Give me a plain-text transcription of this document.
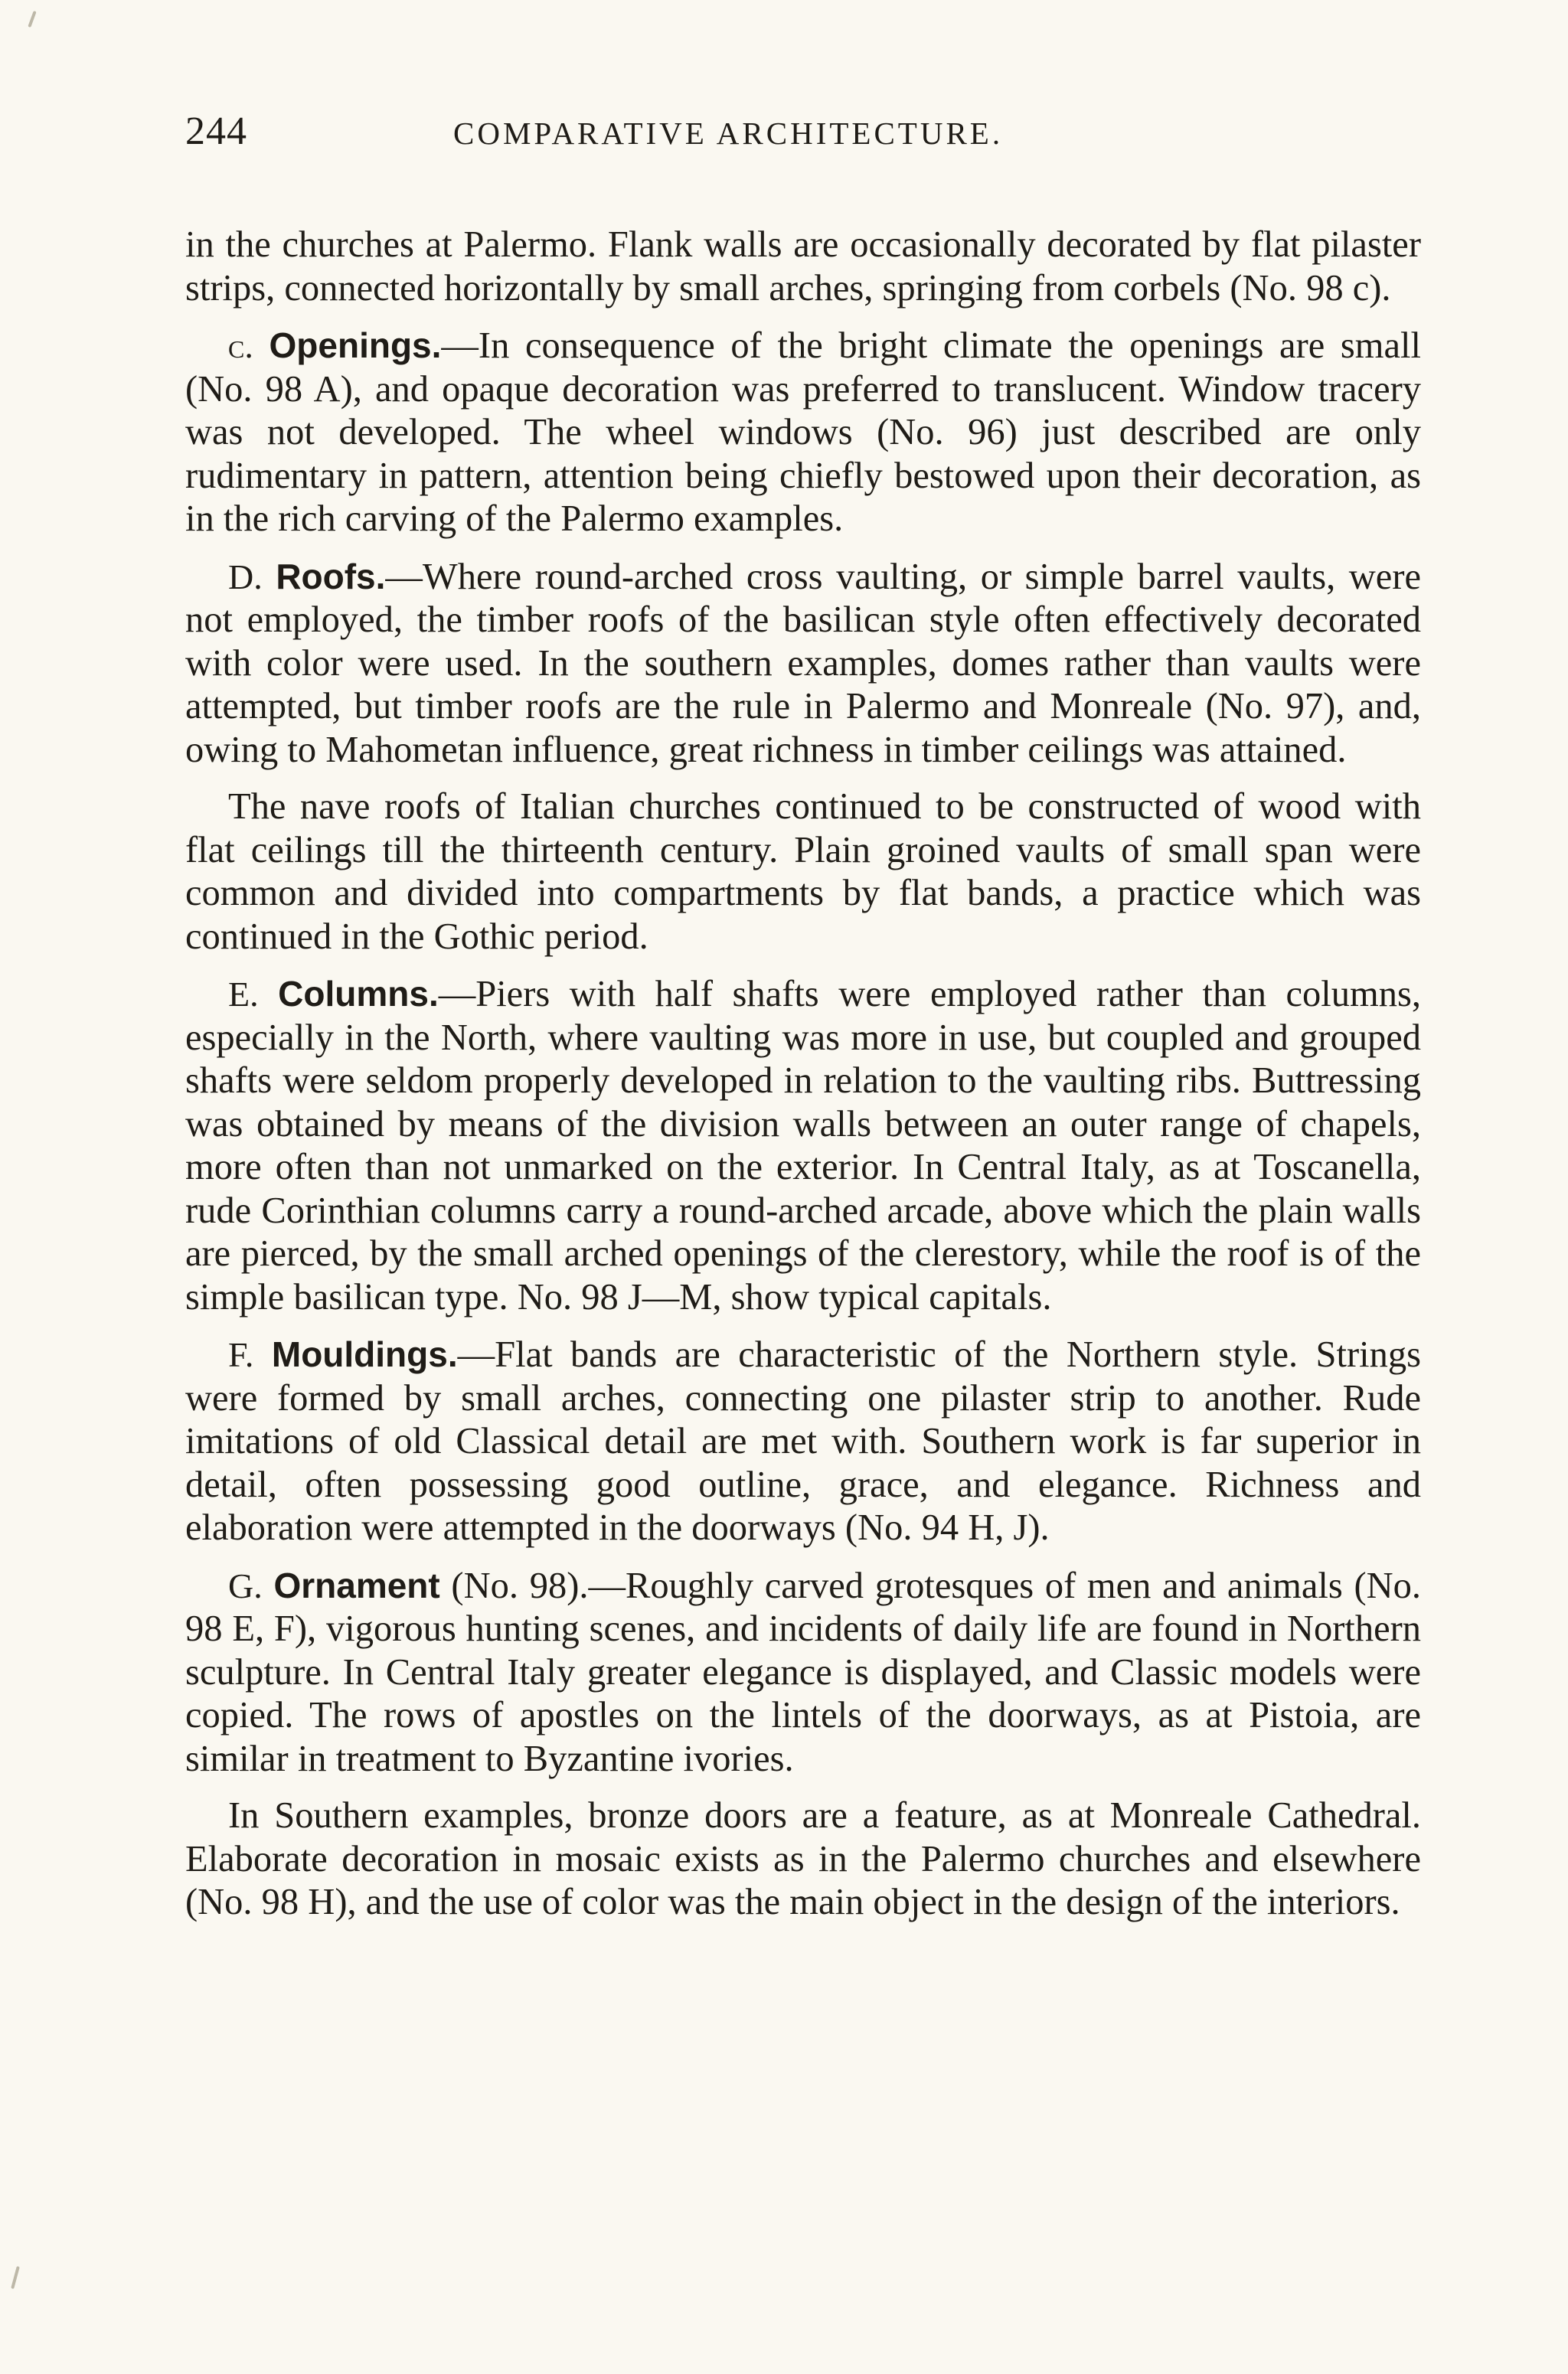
244	COMPARATIVE ARCHITECTURE.

in the churches at Palermo. Flank walls are occasionally decorated by flat pilaster strips, connected horizontally by small arches, springing from corbels (No. 98 c).

c. Openings.—In consequence of the bright climate the openings are small (No. 98 A), and opaque decoration was preferred to translucent. Window tracery was not developed. The wheel windows (No. 96) just described are only rudimentary in pattern, attention being chiefly bestowed upon their decoration, as in the rich carving of the Palermo examples.

D. Roofs.—Where round-arched cross vaulting, or simple barrel vaults, were not employed, the timber roofs of the basilican style often effectively decorated with color were used. In the southern examples, domes rather than vaults were attempted, but timber roofs are the rule in Palermo and Monreale (No. 97), and, owing to Mahometan influence, great richness in timber ceilings was attained.

The nave roofs of Italian churches continued to be constructed of wood with flat ceilings till the thirteenth century. Plain groined vaults of small span were common and divided into compartments by flat bands, a practice which was continued in the Gothic period.

E. Columns.—Piers with half shafts were employed rather than columns, especially in the North, where vaulting was more in use, but coupled and grouped shafts were seldom properly developed in relation to the vaulting ribs. Buttressing was obtained by means of the division walls between an outer range of chapels, more often than not unmarked on the exterior. In Central Italy, as at Toscanella, rude Corinthian columns carry a round-arched arcade, above which the plain walls are pierced, by the small arched openings of the clerestory, while the roof is of the simple basilican type. No. 98 J—M, show typical capitals.

F. Mouldings.—Flat bands are characteristic of the Northern style. Strings were formed by small arches, connecting one pilaster strip to another. Rude imitations of old Classical detail are met with. Southern work is far superior in detail, often possessing good outline, grace, and elegance. Richness and elaboration were attempted in the doorways (No. 94 H, J).

G. Ornament (No. 98).—Roughly carved grotesques of men and animals (No. 98 E, F), vigorous hunting scenes, and incidents of daily life are found in Northern sculpture. In Central Italy greater elegance is displayed, and Classic models were copied. The rows of apostles on the lintels of the doorways, as at Pistoia, are similar in treatment to Byzantine ivories.

In Southern examples, bronze doors are a feature, as at Monreale Cathedral. Elaborate decoration in mosaic exists as in the Palermo churches and elsewhere (No. 98 H), and the use of color was the main object in the design of the interiors.
